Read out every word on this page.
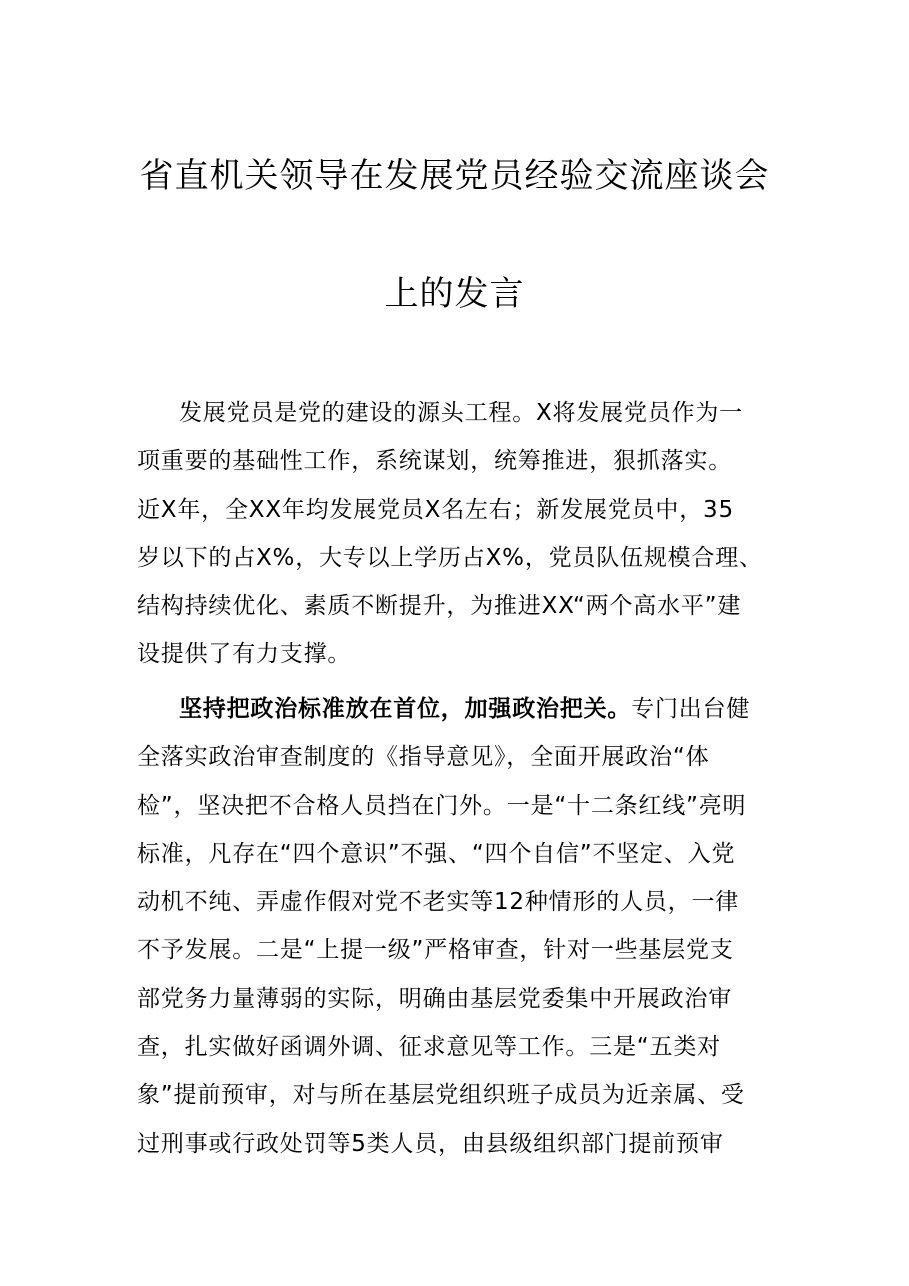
省直机关领导在发展党员经验交流座谈会
上的发言
发展党员是党的建设的源头工程。X将发展党员作为一
项重要的基础性工作，系统谋划，统筹推进，狠抓落实。
近X年，全XX年均发展党员X名左右；新发展党员中，35
岁以下的占X%，大专以上学历占X%，党员队伍规模合理、
结构持续优化、素质不断提升，为推进XX“两个高水平”建
设提供了有力支撑。
坚持把政治标准放在首位，加强政治把关。专门出台健
全落实政治审查制度的《指导意见》，全面开展政治“体
检”，坚决把不合格人员挡在门外。一是“十二条红线”亮明
标准，凡存在“四个意识”不强、“四个自信”不坚定、入党
动机不纯、弄虚作假对党不老实等12种情形的人员，一律
不予发展。二是“上提一级”严格审查，针对一些基层党支
部党务力量薄弱的实际，明确由基层党委集中开展政治审
查，扎实做好函调外调、征求意见等工作。三是“五类对
象”提前预审，对与所在基层党组织班子成员为近亲属、受
过刑事或行政处罚等5类人员，由县级组织部门提前预审
